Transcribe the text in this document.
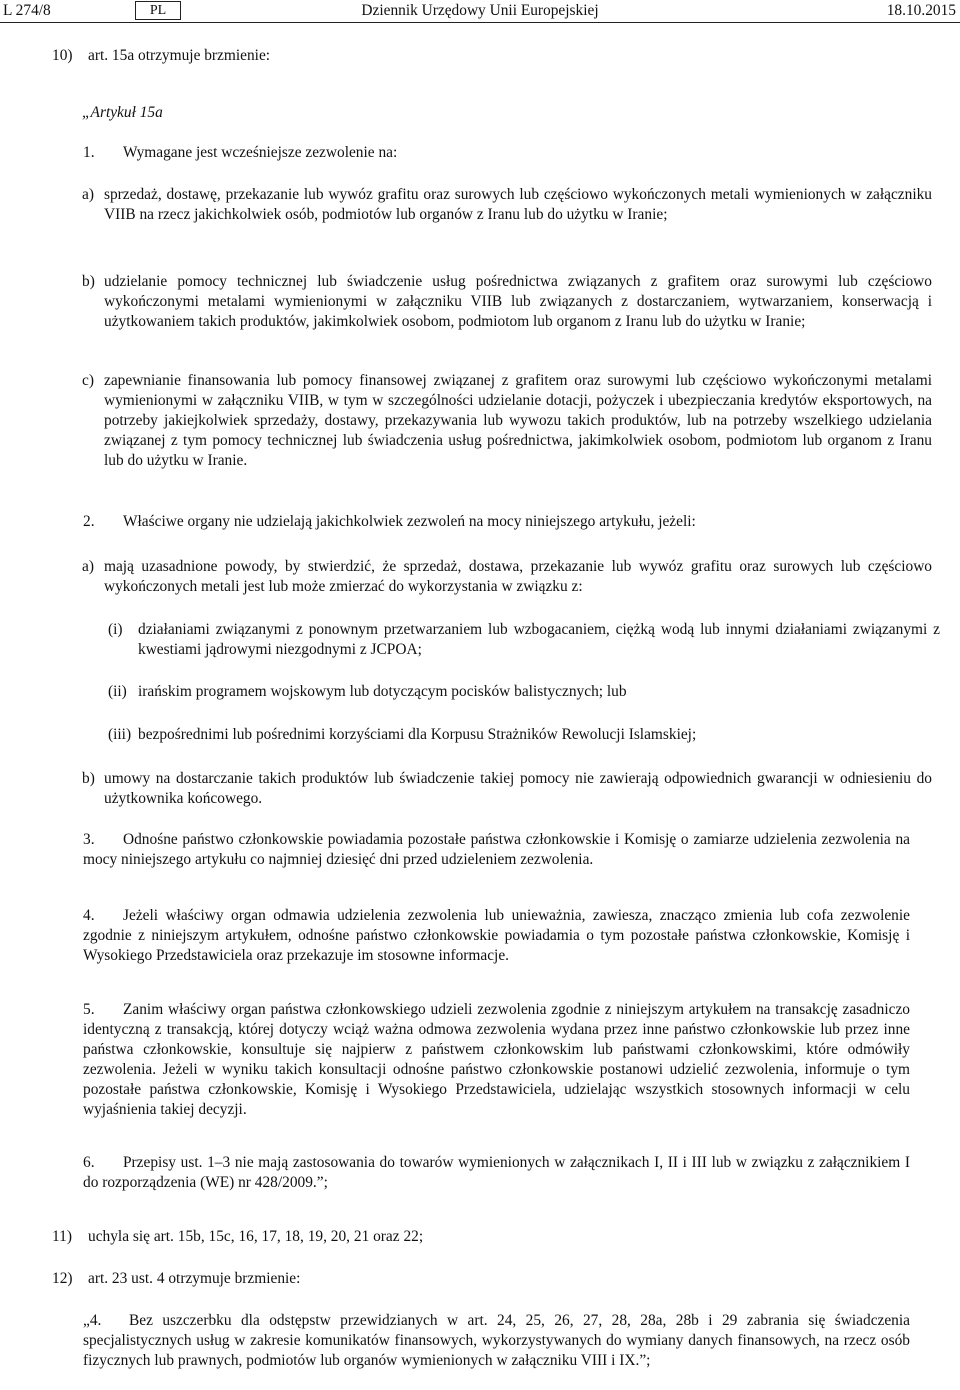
L 274/8	PL	Dziennik Urzędowy Unii Europejskiej	18.10.2015
10) art. 15a otrzymuje brzmienie:
„Artykuł 15a
1. Wymagane jest wcześniejsze zezwolenie na:
a) sprzedaż, dostawę, przekazanie lub wywóz grafitu oraz surowych lub częściowo wykończonych metali wymienionych w załączniku VIIB na rzecz jakichkolwiek osób, podmiotów lub organów z Iranu lub do użytku w Iranie;
b) udzielanie pomocy technicznej lub świadczenie usług pośrednictwa związanych z grafitem oraz surowymi lub częściowo wykończonymi metalami wymienionymi w załączniku VIIB lub związanych z dostarczaniem, wytwarzaniem, konserwacją i użytkowaniem takich produktów, jakimkolwiek osobom, podmiotom lub organom z Iranu lub do użytku w Iranie;
c) zapewnianie finansowania lub pomocy finansowej związanej z grafitem oraz surowymi lub częściowo wykończonymi metalami wymienionymi w załączniku VIIB, w tym w szczególności udzielanie dotacji, pożyczek i ubezpieczania kredytów eksportowych, na potrzeby jakiejkolwiek sprzedaży, dostawy, przekazywania lub wywozu takich produktów, lub na potrzeby wszelkiego udzielania związanej z tym pomocy technicznej lub świadczenia usług pośrednictwa, jakimkolwiek osobom, podmiotom lub organom z Iranu lub do użytku w Iranie.
2. Właściwe organy nie udzielają jakichkolwiek zezwoleń na mocy niniejszego artykułu, jeżeli:
a) mają uzasadnione powody, by stwierdzić, że sprzedaż, dostawa, przekazanie lub wywóz grafitu oraz surowych lub częściowo wykończonych metali jest lub może zmierzać do wykorzystania w związku z:
(i) działaniami związanymi z ponownym przetwarzaniem lub wzbogacaniem, ciężką wodą lub innymi działaniami związanymi z kwestiami jądrowymi niezgodnymi z JCPOA;
(ii) irańskim programem wojskowym lub dotyczącym pocisków balistycznych; lub
(iii) bezpośrednimi lub pośrednimi korzyściami dla Korpusu Strażników Rewolucji Islamskiej;
b) umowy na dostarczanie takich produktów lub świadczenie takiej pomocy nie zawierają odpowiednich gwarancji w odniesieniu do użytkownika końcowego.
3. Odnośne państwo członkowskie powiadamia pozostałe państwa członkowskie i Komisję o zamiarze udzielenia zezwolenia na mocy niniejszego artykułu co najmniej dziesięć dni przed udzieleniem zezwolenia.
4. Jeżeli właściwy organ odmawia udzielenia zezwolenia lub unieważnia, zawiesza, znacząco zmienia lub cofa zezwolenie zgodnie z niniejszym artykułem, odnośne państwo członkowskie powiadamia o tym pozostałe państwa członkowskie, Komisję i Wysokiego Przedstawiciela oraz przekazuje im stosowne informacje.
5. Zanim właściwy organ państwa członkowskiego udzieli zezwolenia zgodnie z niniejszym artykułem na transakcję zasadniczo identyczną z transakcją, której dotyczy wciąż ważna odmowa zezwolenia wydana przez inne państwo członkowskie lub przez inne państwa członkowskie, konsultuje się najpierw z państwem członkowskim lub państwami członkowskimi, które odmówiły zezwolenia. Jeżeli w wyniku takich konsultacji odnośne państwo członkowskie postanowi udzielić zezwolenia, informuje o tym pozostałe państwa członkowskie, Komisję i Wysokiego Przedstawiciela, udzielając wszystkich stosownych informacji w celu wyjaśnienia takiej decyzji.
6. Przepisy ust. 1–3 nie mają zastosowania do towarów wymienionych w załącznikach I, II i III lub w związku z załącznikiem I do rozporządzenia (WE) nr 428/2009.”;
11) uchyla się art. 15b, 15c, 16, 17, 18, 19, 20, 21 oraz 22;
12) art. 23 ust. 4 otrzymuje brzmienie:
„4. Bez uszczerbku dla odstępstw przewidzianych w art. 24, 25, 26, 27, 28, 28a, 28b i 29 zabrania się świadczenia specjalistycznych usług w zakresie komunikatów finansowych, wykorzystywanych do wymiany danych finansowych, na rzecz osób fizycznych lub prawnych, podmiotów lub organów wymienionych w załączniku VIII i IX.”;
